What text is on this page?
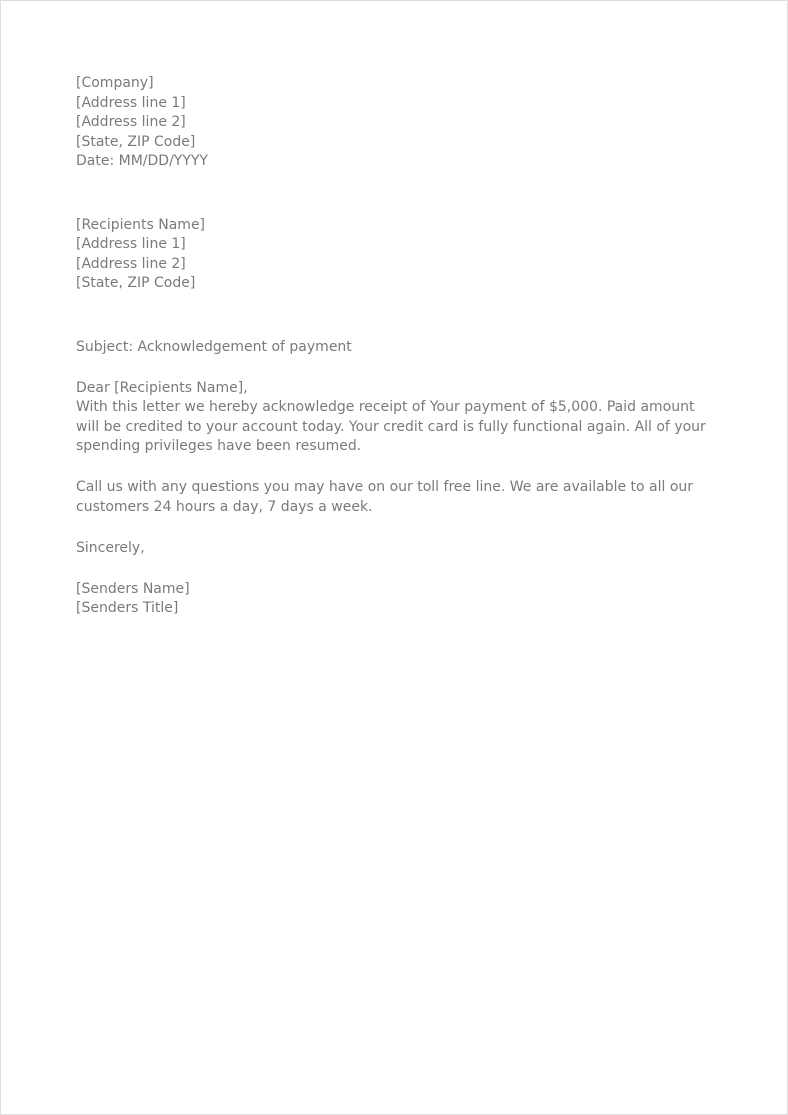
[Company]
[Address line 1]
[Address line 2]
[State, ZIP Code]
Date: MM/DD/YYYY
[Recipients Name]
[Address line 1]
[Address line 2]
[State, ZIP Code]
Subject: Acknowledgement of payment
Dear [Recipients Name],
With this letter we hereby acknowledge receipt of Your payment of $5,000. Paid amount
will be credited to your account today. Your credit card is fully functional again. All of your
spending privileges have been resumed.
Call us with any questions you may have on our toll free line. We are available to all our
customers 24 hours a day, 7 days a week.
Sincerely,
[Senders Name]
[Senders Title]
